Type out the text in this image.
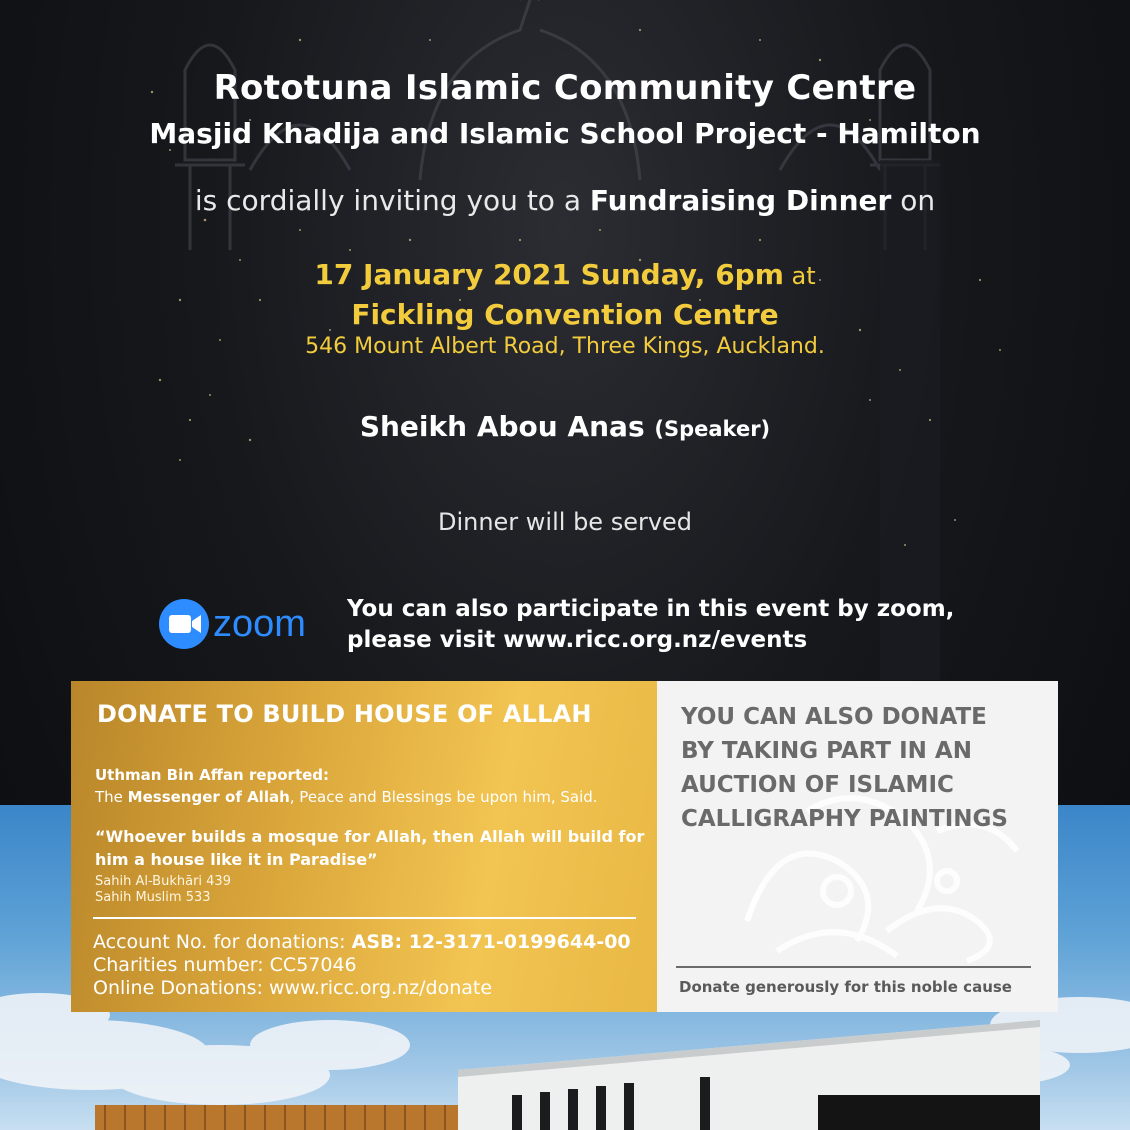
Rototuna Islamic Community Centre
Masjid Khadija and Islamic School Project - Hamilton
is cordially inviting you to a Fundraising Dinner on
17 January 2021 Sunday, 6pm at
Fickling Convention Centre
546 Mount Albert Road, Three Kings, Auckland.
Sheikh Abou Anas (Speaker)
Dinner will be served
zoom You can also participate in this event by zoom,
please visit www.ricc.org.nz/events
DONATE TO BUILD HOUSE OF ALLAH
Uthman Bin Affan reported:
The Messenger of Allah, Peace and Blessings be upon him, Said.
“Whoever builds a mosque for Allah, then Allah will build for him a house like it in Paradise”
Sahih Al-Bukhāri 439
Sahih Muslim 533
Account No. for donations: ASB: 12-3171-0199644-00
Charities number: CC57046
Online Donations: www.ricc.org.nz/donate
YOU CAN ALSO DONATE
BY TAKING PART IN AN
AUCTION OF ISLAMIC
CALLIGRAPHY PAINTINGS
Donate generously for this noble cause
